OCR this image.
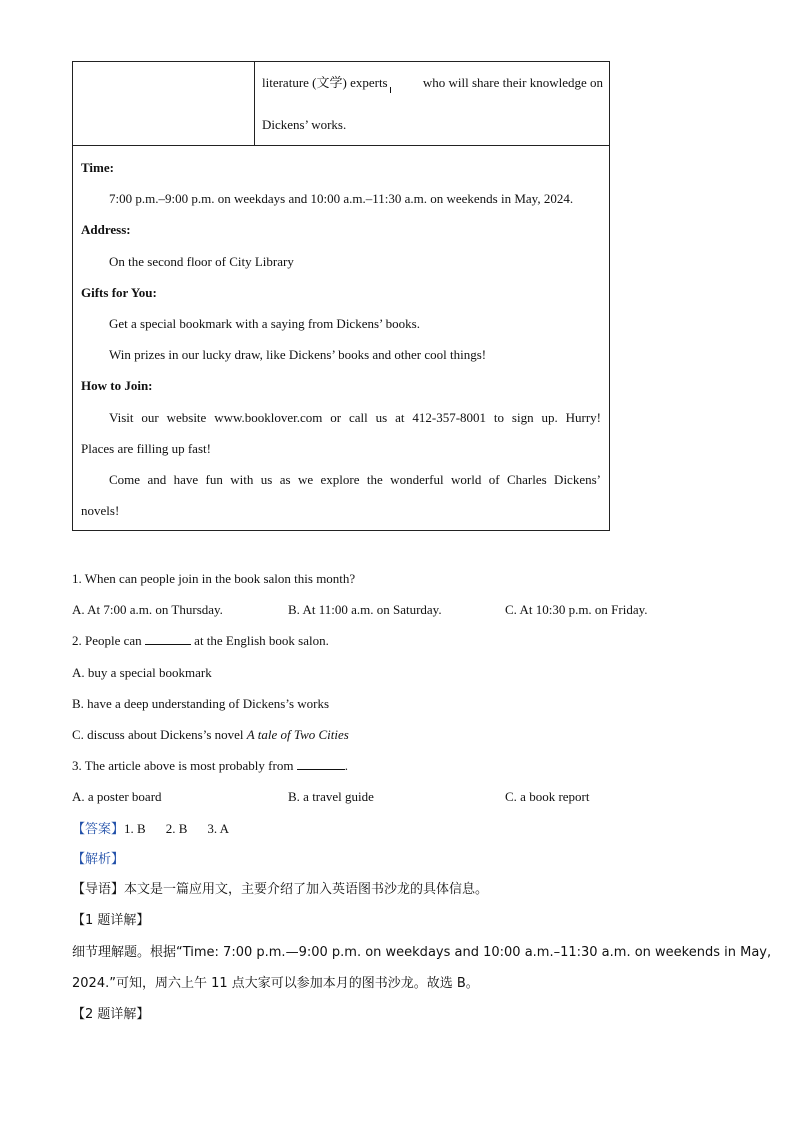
literature (文学) experts	who will share their knowledge on
Dickens’ works.
Time:
7:00 p.m.–9:00 p.m. on weekdays and 10:00 a.m.–11:30 a.m. on weekends in May, 2024.
Address:
On the second floor of City Library
Gifts for You:
Get a special bookmark with a saying from Dickens’ books.
Win prizes in our lucky draw, like Dickens’ books and other cool things!
How to Join:
Visit our website www.booklover.com or call us at 412-357-8001 to sign up. Hurry!
Places are filling up fast!
Come and have fun with us as we explore the wonderful world of Charles Dickens’
novels!
1. When can people join in the book salon this month?
A. At 7:00 a.m. on Thursday.	B. At 11:00 a.m. on Saturday.	C. At 10:30 p.m. on Friday.
2. People can	at the English book salon.
A. buy a special bookmark
B. have a deep understanding of Dickens’s works
C. discuss about Dickens’s novel A tale of Two Cities
3. The article above is most probably from	.
A. a poster board	B. a travel guide	C. a book report
【答案】1. B 2. B 3. A
【解析】
【导语】本文是一篇应用文，主要介绍了加入英语图书沙龙的具体信息。
【1 题详解】
细节理解题。根据“Time: 7:00 p.m.—9:00 p.m. on weekdays and 10:00 a.m.–11:30 a.m. on weekends in May,
2024.”可知，周六上午 11 点大家可以参加本月的图书沙龙。故选 B。
【2 题详解】
